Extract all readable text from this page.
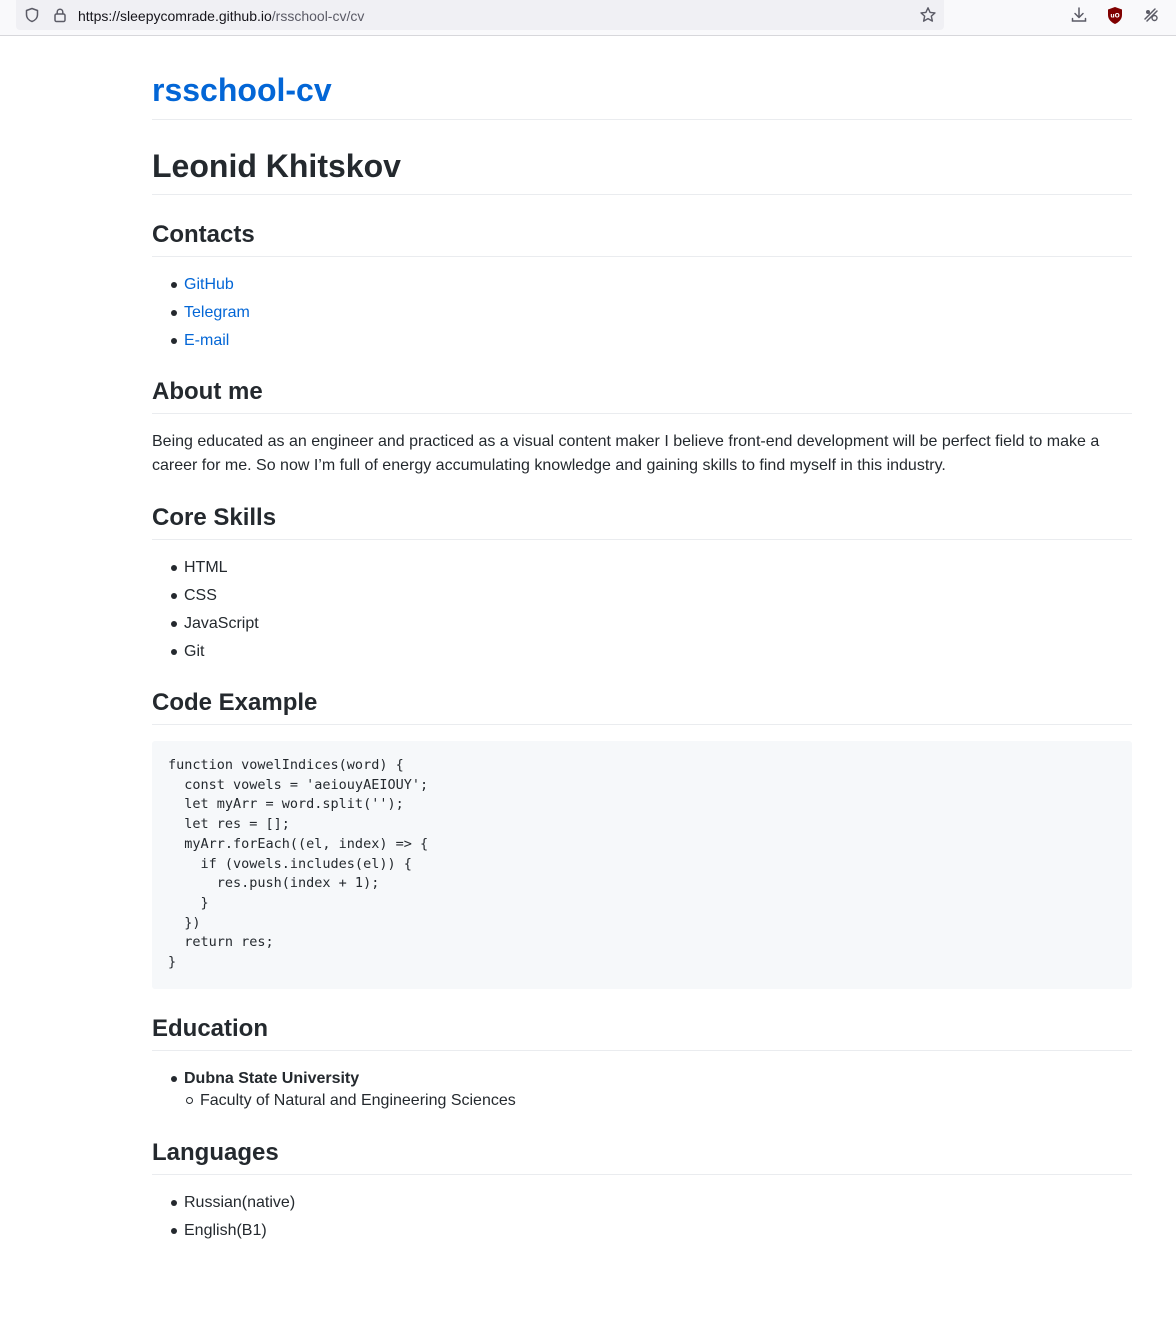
https://sleepycomrade.github.io/rsschool-cv/cv	uO
rsschool-cv
Leonid Khitskov
Contacts
GitHub
Telegram
E-mail
About me

Being educated as an engineer and practiced as a visual content maker I believe front-end development will be perfect field to make a career for me. So now I’m full of energy accumulating knowledge and gaining skills to find myself in this industry.

Core Skills
HTML
CSS
JavaScript
Git
Code Example
function vowelIndices(word) {
const vowels = 'aeiouyAEIOUY';
let myArr = word.split('');
let res = [];
myArr.forEach((el, index) => {
if (vowels.includes(el)) {
res.push(index + 1);
}
})
return res;
}
Education
Dubna State University
Faculty of Natural and Engineering Sciences
Languages
Russian(native)
English(B1)
